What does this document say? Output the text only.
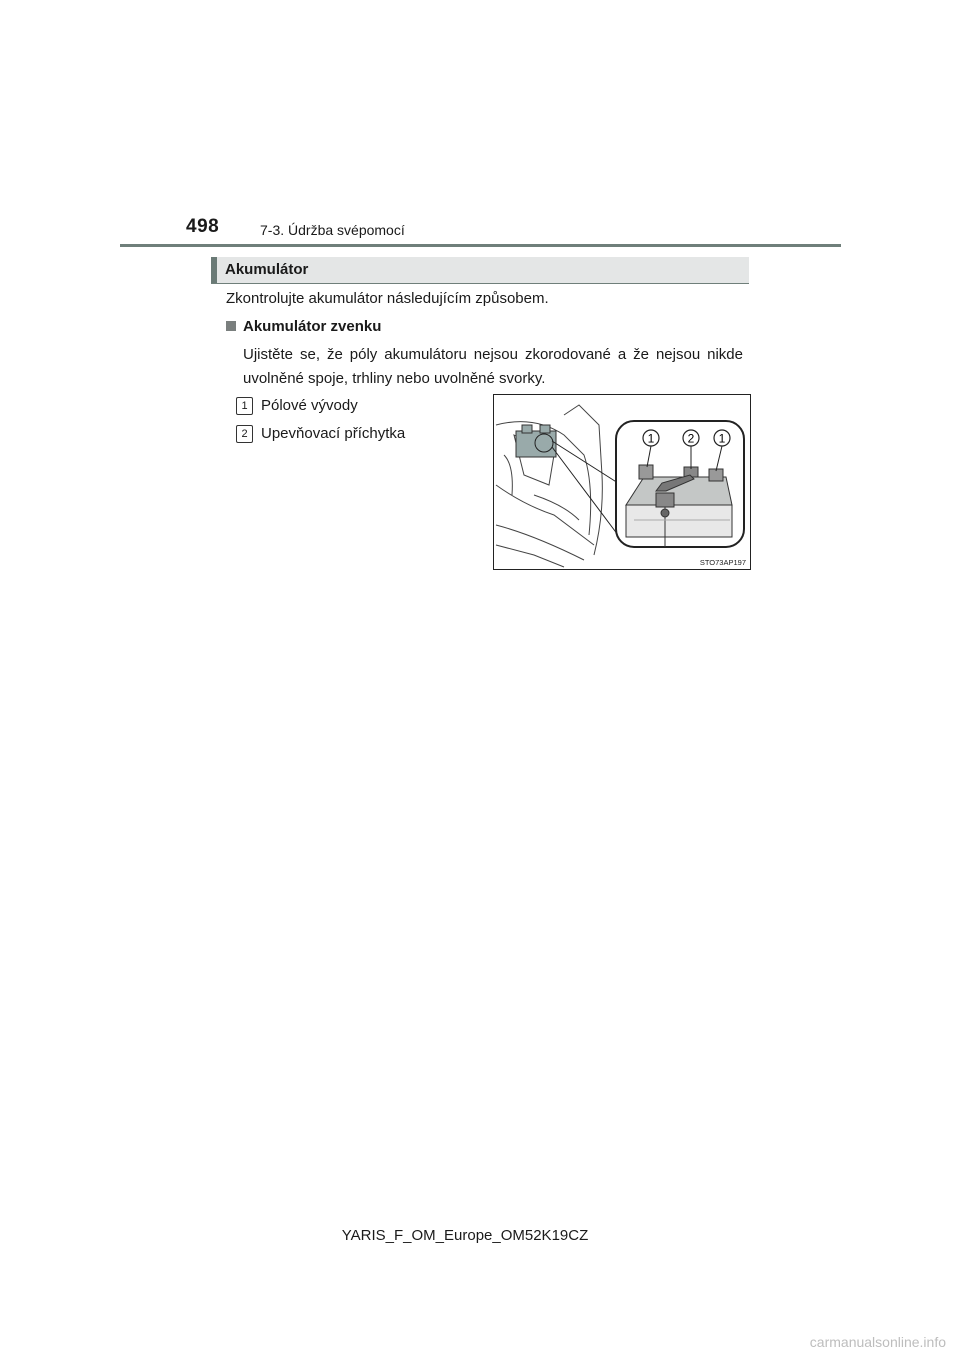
498	7-3. Údržba svépomocí
Akumulátor
Zkontrolujte akumulátor následujícím způsobem.
Akumulátor zvenku
Ujistěte se, že póly akumulátoru nejsou zkorodované a že nejsou nikde uvolněné spoje, trhliny nebo uvolněné svorky.
1 Pólové vývody
2 Upevňovací příchytka	1	2 1
STO73AP197
YARIS_F_OM_Europe_OM52K19CZ
carmanualsonline.info
